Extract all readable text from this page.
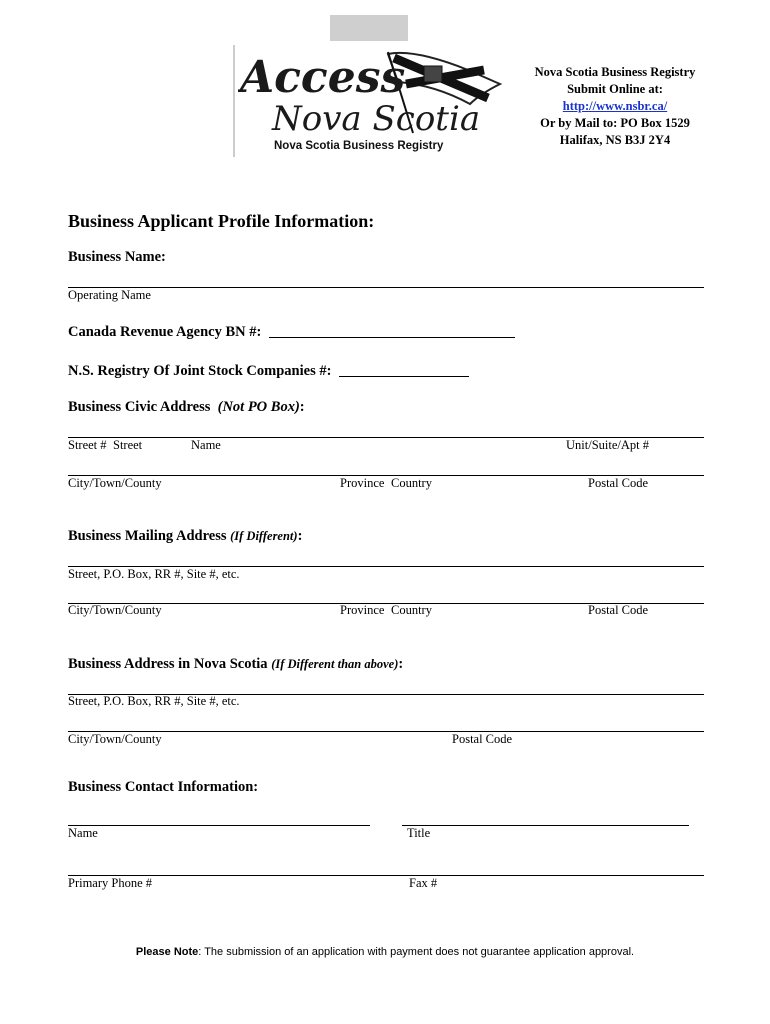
Access
Nova Scotia
Nova Scotia Business Registry
Nova Scotia Business Registry
Submit Online at:
http://www.nsbr.ca/
Or by Mail to: PO Box 1529
Halifax, NS B3J 2Y4
Business Applicant Profile Information:
Business Name:
Operating Name
Canada Revenue Agency BN #:
N.S. Registry Of Joint Stock Companies #:
Business Civic Address (Not PO Box):
Street # Street	Name	Unit/Suite/Apt #
City/Town/County	Province Country	Postal Code
Business Mailing Address (If Different):
Street, P.O. Box, RR #, Site #, etc.
City/Town/County	Province Country	Postal Code
Business Address in Nova Scotia (If Different than above):
Street, P.O. Box, RR #, Site #, etc.
City/Town/County	Postal Code
Business Contact Information:
Name	Title
Primary Phone #	Fax #
Please Note: The submission of an application with payment does not guarantee application approval.
